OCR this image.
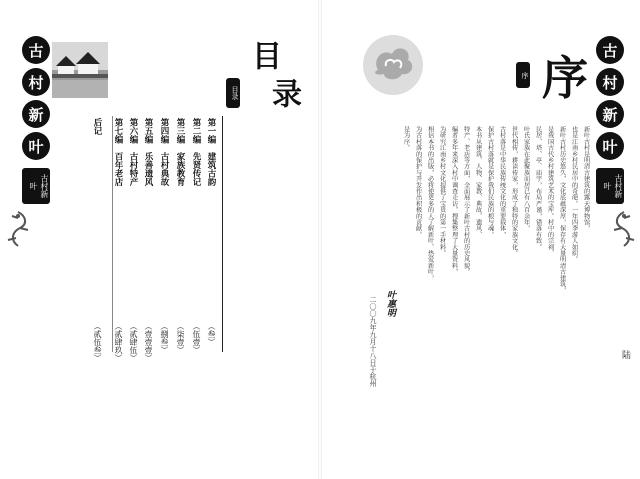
古
村
新
叶
古村新叶
目录
目录
第一编　建筑古韵
（叁）
第二编　先贤传记
（伍壹）
第三编　家族教育
（柒壹）
第四编　古村典故
（捌叁）
第五编　乐善遗风
（壹壹壹）
第六编　古村特产
（贰肆伍）
第七编　百年老店
（贰肆玖）
后记
（贰伍叁）
序
序
古
村
新
叶
古村新叶
新叶古村是明清古建筑的露天博物馆，
也是江南乡村民居中的奇葩。一年四季游人如织。
新叶古村历史悠久，文化底蕴深厚，保存有大量明清古建筑，
是我国古代乡村建筑艺术的宝库。村中的宗祠、
民居、塔、亭、庙宇，布局严谨，错落有致。
叶氏家族在此聚族而居已有八百余年，
世代相传，耕读传家，形成了独特的家族文化。
古村落是中华民族传统文化的重要载体，
保护古村落就是保护我们民族的根与魂。
本书从建筑、人物、家教、典故、遗风、
特产、老店等方面，全面展示了新叶古村的历史风貌。
编者多年来深入村中调查走访，搜集整理了大量资料，
为研究江南乡村文化提供了宝贵的第一手材料。
相信本书的出版，必将使更多的人了解新叶、热爱新叶，
为古村落的保护与开发作出积极的贡献。
是为序。
叶惠明
二〇〇九年九月十八日于杭州	陆
